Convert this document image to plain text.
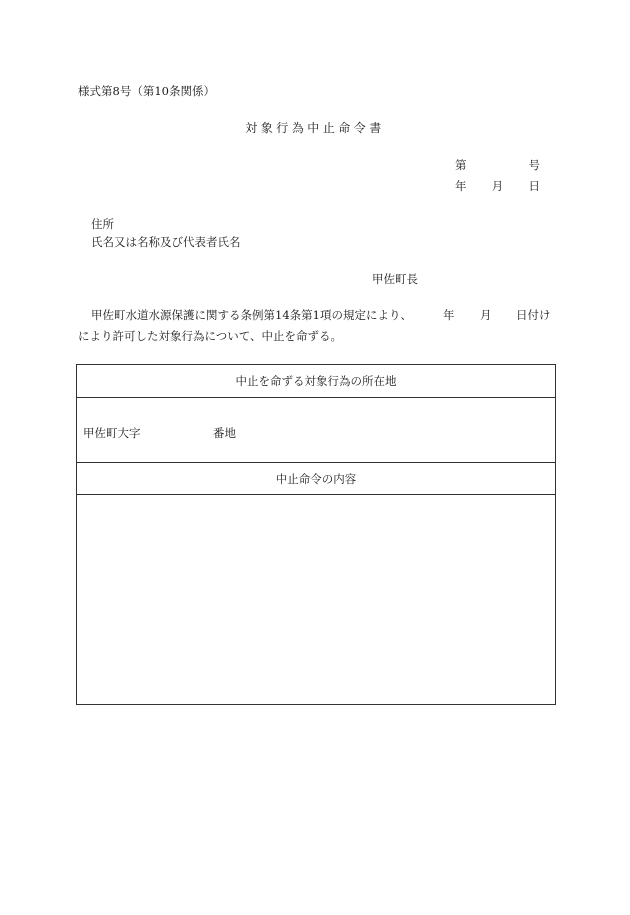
様式第8号（第10条関係）
対象行為中止命令書
第	号
年 月 日
住所
氏名又は名称及び代表者氏名
甲佐町長
甲佐町水道水源保護に関する条例第14条第1項の規定により、	年 月 日付け
により許可した対象行為について、中止を命ずる。
中止を命ずる対象行為の所在地
甲佐町大字	番地
中止命令の内容
